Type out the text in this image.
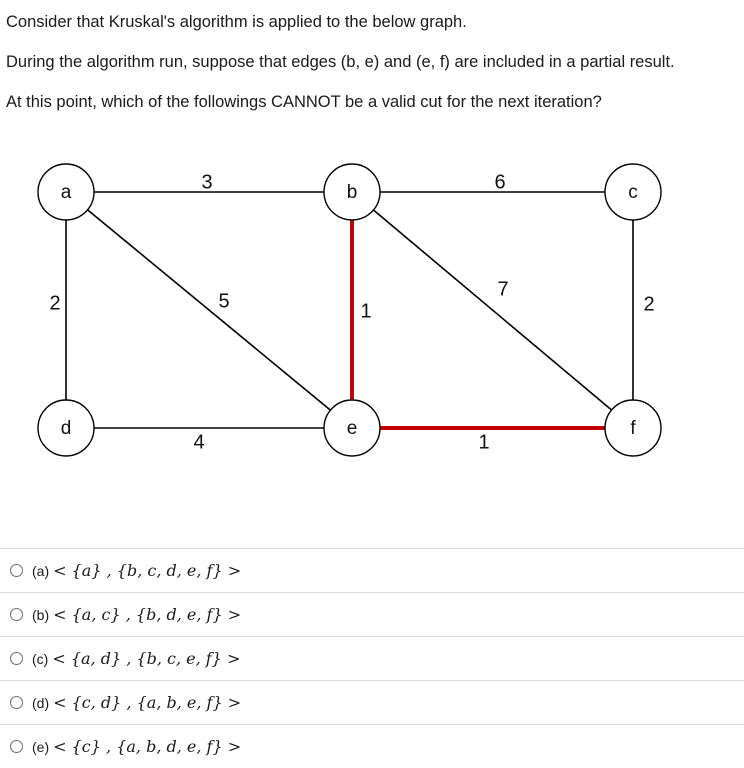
Consider that Kruskal's algorithm is applied to the below graph.
During the algorithm run, suppose that edges (b, e) and (e, f) are included in a partial result.
At this point, which of the followings CANNOT be a valid cut for the next iteration?
3	6
2	5	1
7
2
4	1
a	b	c
d	e	f
(a) < {a} , {b, c, d, e, f} >
(b) < {a, c} , {b, d, e, f} >
(c) < {a, d} , {b, c, e, f} >
(d) < {c, d} , {a, b, e, f} >
(e) < {c} , {a, b, d, e, f} >
